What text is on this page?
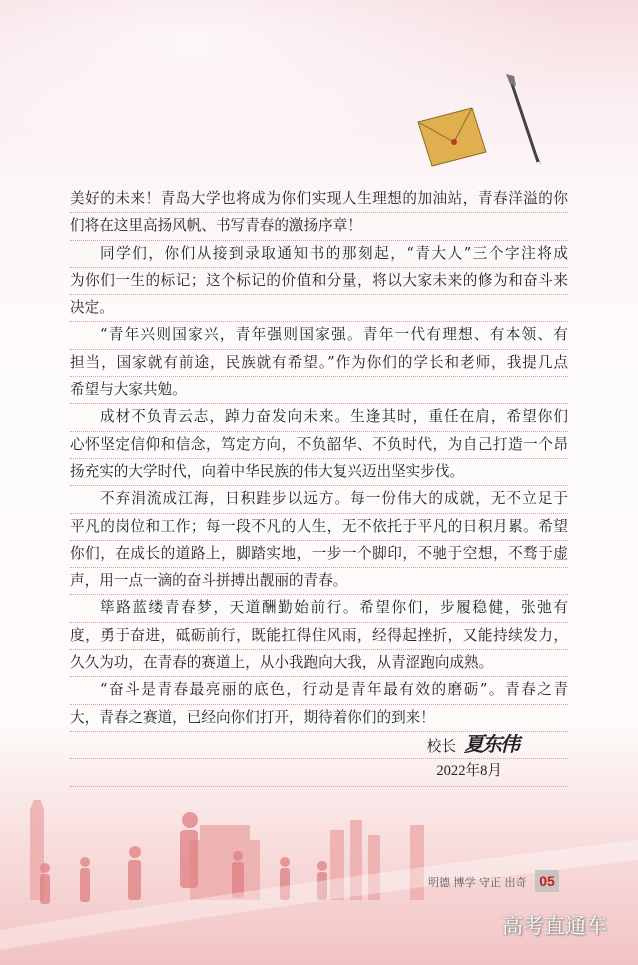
美好的未来！青岛大学也将成为你们实现人生理想的加油站，青春洋溢的你
们将在这里高扬风帆、书写青春的激扬序章！
同学们，你们从接到录取通知书的那刻起，“青大人”三个字注将成
为你们一生的标记；这个标记的价值和分量，将以大家未来的修为和奋斗来
决定。
“青年兴则国家兴，青年强则国家强。青年一代有理想、有本领、有
担当，国家就有前途，民族就有希望。”作为你们的学长和老师，我提几点
希望与大家共勉。
成材不负青云志，踔力奋发向未来。生逢其时，重任在肩，希望你们
心怀坚定信仰和信念，笃定方向，不负韶华、不负时代，为自己打造一个昂
扬充实的大学时代，向着中华民族的伟大复兴迈出坚实步伐。
不弃涓流成江海，日积跬步以远方。每一份伟大的成就，无不立足于
平凡的岗位和工作；每一段不凡的人生，无不依托于平凡的日积月累。希望
你们，在成长的道路上，脚踏实地，一步一个脚印，不驰于空想，不骛于虚
声，用一点一滴的奋斗拼搏出靓丽的青春。
筚路蓝缕青春梦，天道酬勤始前行。希望你们，步履稳健，张弛有
度，勇于奋进，砥砺前行，既能扛得住风雨，经得起挫折，又能持续发力，
久久为功，在青春的赛道上，从小我跑向大我，从青涩跑向成熟。
“奋斗是青春最亮丽的底色，行动是青年最有效的磨砺”。青春之青
大，青春之赛道，已经向你们打开，期待着你们的到来！
校长 夏东伟
2022年8月
明德 博学 守正 出奇 05
高考直通车
